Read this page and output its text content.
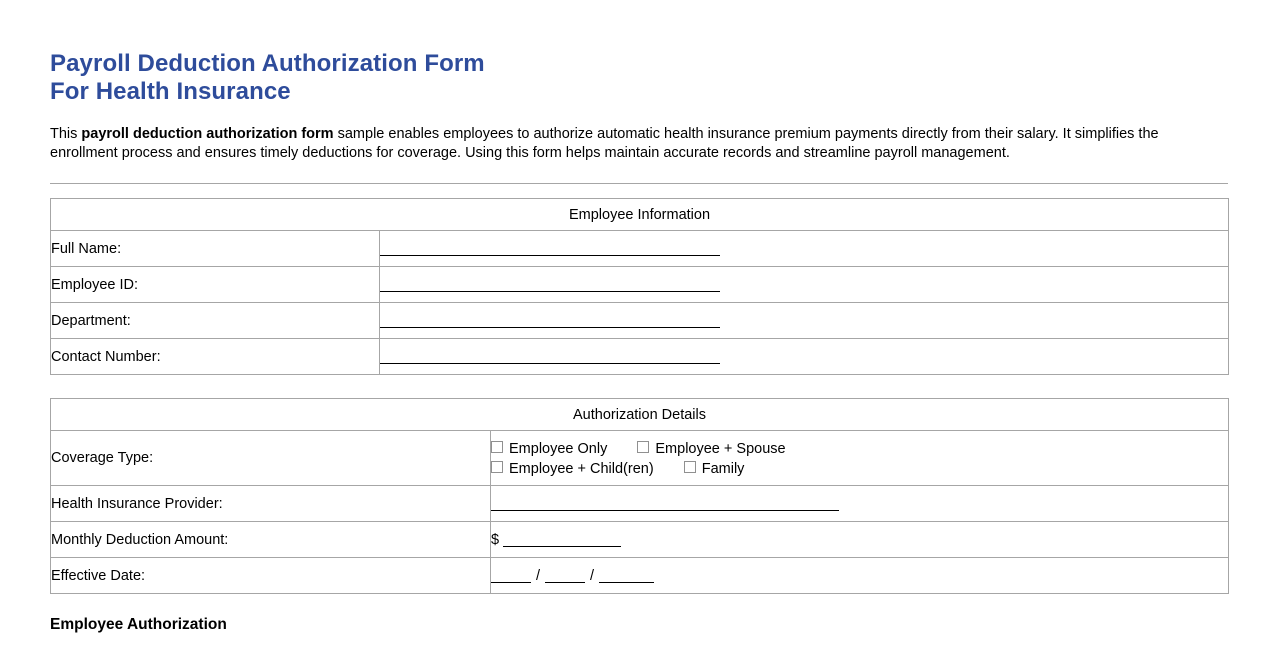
Payroll Deduction Authorization Form
For Health Insurance

This payroll deduction authorization form sample enables employees to authorize automatic health insurance premium payments directly from their salary. It simplifies the enrollment process and ensures timely deductions for coverage. Using this form helps maintain accurate records and streamline payroll management.

Employee Information	
Full Name:	
Employee ID:	
Department:	
Contact Number:	
Authorization Details	
Coverage Type:	Employee Only Employee + Spouse
Employee + Child(ren) Family

Health Insurance Provider:	
Monthly Deduction Amount:	$
Effective Date:	/ /
Employee Authorization
